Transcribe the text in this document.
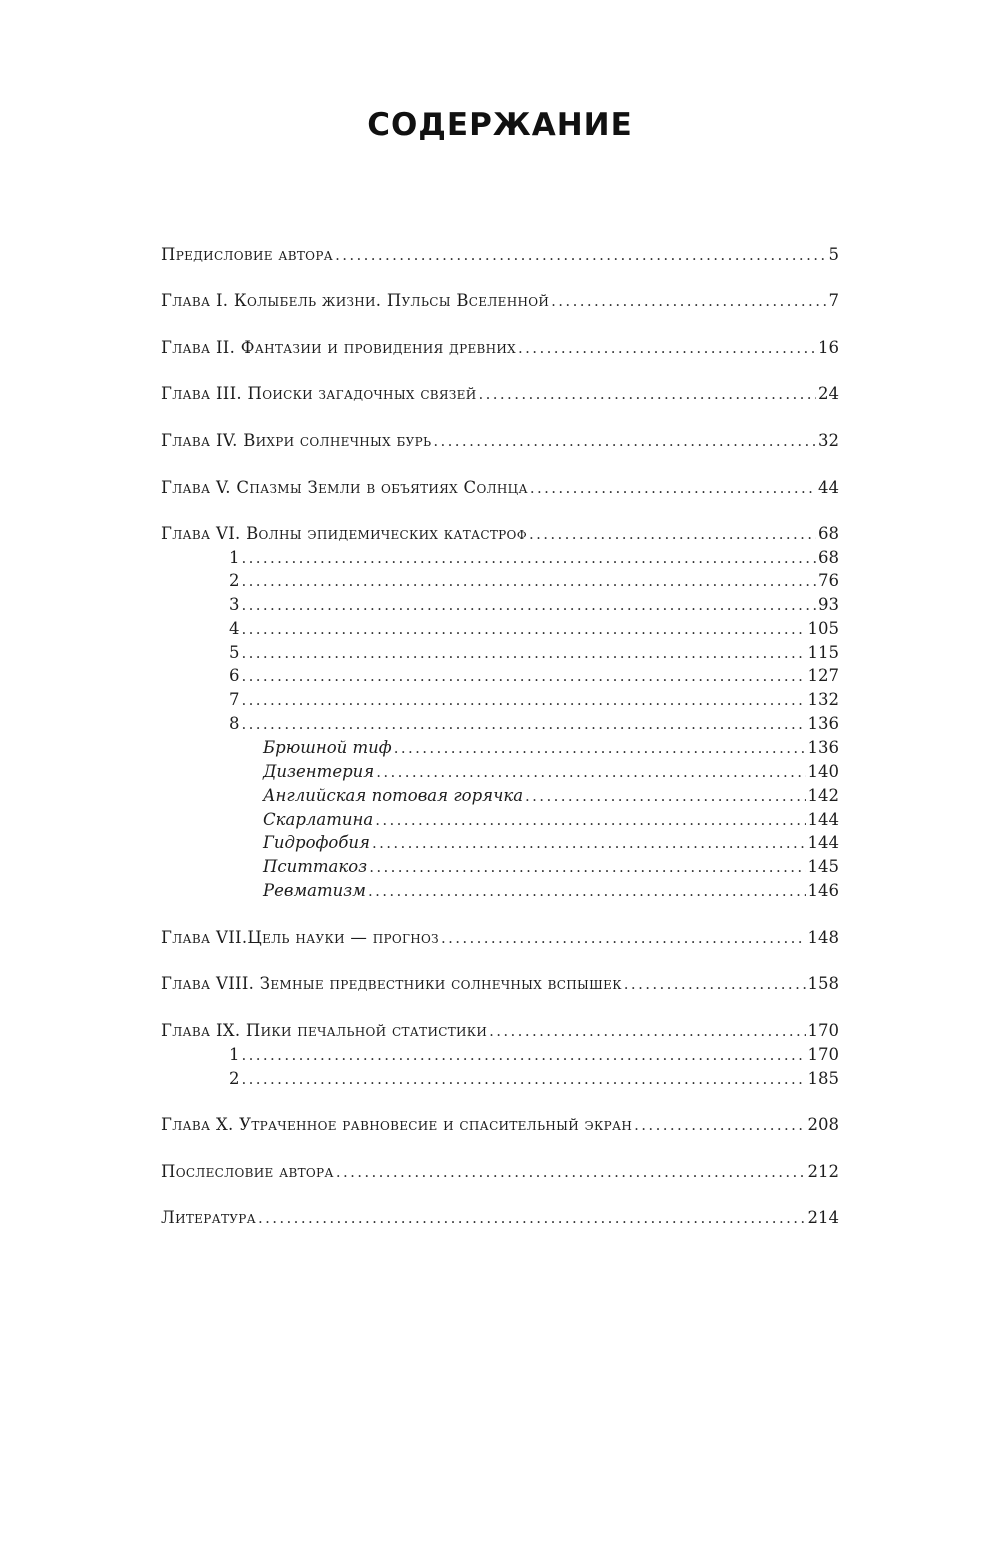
СОДЕРЖАНИЕ
Предисловие автора . . .	5
Глава I. Колыбель жизни. Пульсы Вселенной . . .	7
Глава II. Фантазии и провидения древних . . .	16
Глава III. Поиски загадочных связей . . .	24
Глава IV. Вихри солнечных бурь . . .	32
Глава V. Спазмы Земли в объятиях Солнца . . .	44
Глава VI. Волны эпидемических катастроф . . .	68
1 . . .	68
2 . . .	76
3 . . .	93
4 . . .	105
5 . . .	115
6 . . .	127
7 . . .	132
8 . . .	136
Брюшной тиф . . .	136
Дизентерия . . .	140
Английская потовая горячка . . .	142
Скарлатина . . .	144
Гидрофобия . . .	144
Пситтакоз . . .	145
Ревматизм . . .	146
Глава VII.Цель науки — прогноз . . .	148
Глава VIII. Земные предвестники солнечных вспышек . . .	158
Глава IX. Пики печальной статистики . . .	170
1 . . .	170
2 . . .	185
Глава X. Утраченное равновесие и спасительный экран . . .	208
Послесловие автора . . .	212
Литература . . .	214
